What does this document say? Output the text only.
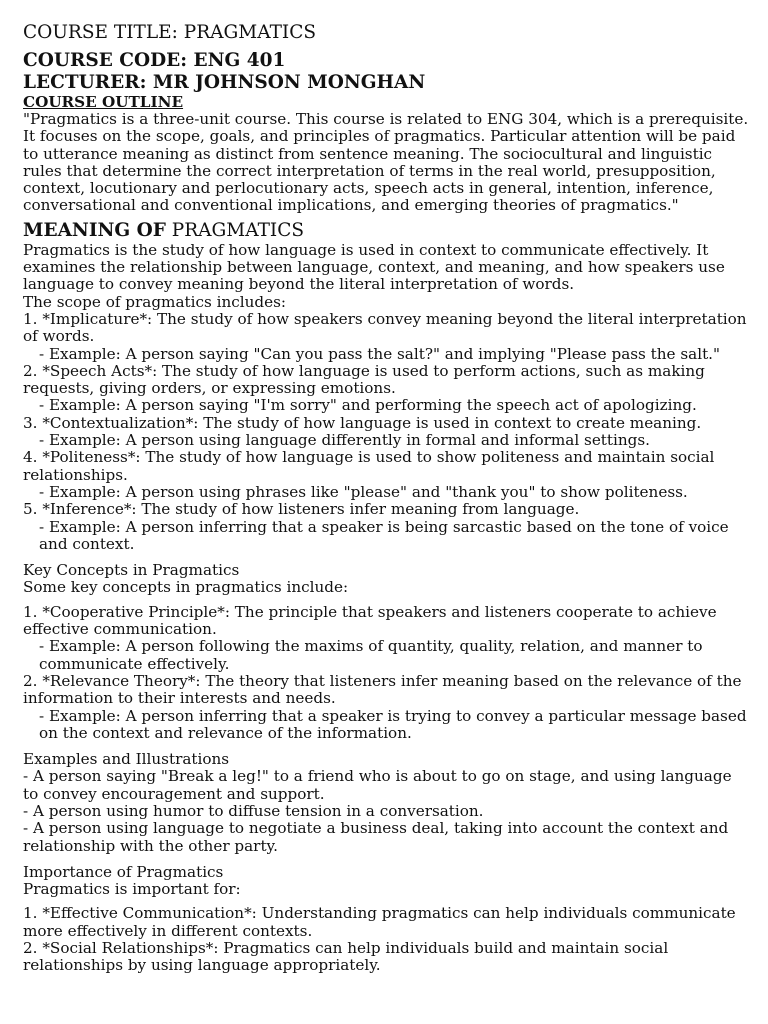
COURSE TITLE: PRAGMATICS

COURSE CODE: ENG 401

LECTURER: MR JOHNSON MONGHAN

COURSE OUTLINE

"Pragmatics is a three-unit course. This course is related to ENG 304, which is a prerequisite. It focuses on the scope, goals, and principles of pragmatics. Particular attention will be paid to utterance meaning as distinct from sentence meaning. The sociocultural and linguistic rules that determine the correct interpretation of terms in the real world, presupposition, context, locutionary and perlocutionary acts, speech acts in general, intention, inference, conversational and conventional implications, and emerging theories of pragmatics."

MEANING OF PRAGMATICS

Pragmatics is the study of how language is used in context to communicate effectively. It examines the relationship between language, context, and meaning, and how speakers use language to convey meaning beyond the literal interpretation of words.

The scope of pragmatics includes:

1. *Implicature*: The study of how speakers convey meaning beyond the literal interpretation of words.

- Example: A person saying "Can you pass the salt?" and implying "Please pass the salt."

2. *Speech Acts*: The study of how language is used to perform actions, such as making requests, giving orders, or expressing emotions.

- Example: A person saying "I'm sorry" and performing the speech act of apologizing.

3. *Contextualization*: The study of how language is used in context to create meaning.

- Example: A person using language differently in formal and informal settings.

4. *Politeness*: The study of how language is used to show politeness and maintain social relationships.

- Example: A person using phrases like "please" and "thank you" to show politeness.

5. *Inference*: The study of how listeners infer meaning from language.

- Example: A person inferring that a speaker is being sarcastic based on the tone of voice and context.

Key Concepts in Pragmatics

Some key concepts in pragmatics include:

1. *Cooperative Principle*: The principle that speakers and listeners cooperate to achieve effective communication.

- Example: A person following the maxims of quantity, quality, relation, and manner to communicate effectively.

2. *Relevance Theory*: The theory that listeners infer meaning based on the relevance of the information to their interests and needs.

- Example: A person inferring that a speaker is trying to convey a particular message based on the context and relevance of the information.

Examples and Illustrations

- A person saying "Break a leg!" to a friend who is about to go on stage, and using language to convey encouragement and support.

- A person using humor to diffuse tension in a conversation.

- A person using language to negotiate a business deal, taking into account the context and relationship with the other party.

Importance of Pragmatics

Pragmatics is important for:

1. *Effective Communication*: Understanding pragmatics can help individuals communicate more effectively in different contexts.

2. *Social Relationships*: Pragmatics can help individuals build and maintain social relationships by using language appropriately.
